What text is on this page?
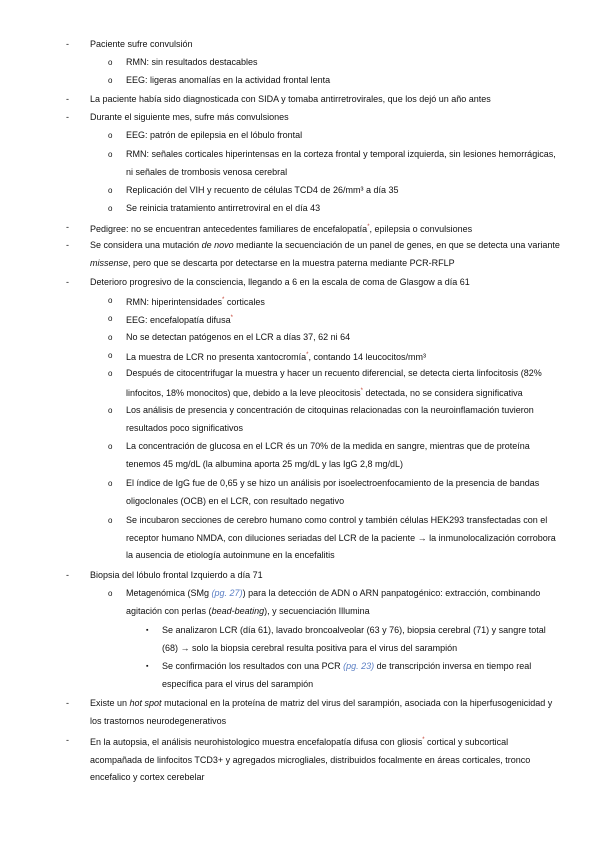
- Paciente sufre convulsión
o RMN: sin resultados destacables
o EEG: ligeras anomalías en la actividad frontal lenta
- La paciente había sido diagnosticada con SIDA y tomaba antirretrovirales, que los dejó un año antes
- Durante el siguiente mes, sufre más convulsiones
o EEG: patrón de epilepsia en el lóbulo frontal
o RMN: señales corticales hiperintensas en la corteza frontal y temporal izquierda, sin lesiones hemorrágicas, ni señales de trombosis venosa cerebral
o Replicación del VIH y recuento de células TCD4 de 26/mm³ a día 35
o Se reinicia tratamiento antirretroviral en el día 43
- Pedigree: no se encuentran antecedentes familiares de encefalopatía*, epilepsia o convulsiones
- Se considera una mutación de novo mediante la secuenciación de un panel de genes, en que se detecta una variante missense, pero que se descarta por detectarse en la muestra paterna mediante PCR-RFLP
- Deterioro progresivo de la consciencia, llegando a 6 en la escala de coma de Glasgow a día 61
o RMN: hiperintensidades* corticales
o EEG: encefalopatía difusa*
o No se detectan patógenos en el LCR a días 37, 62 ni 64
o La muestra de LCR no presenta xantocromía*, contando 14 leucocitos/mm³
o Después de citocentrifugar la muestra y hacer un recuento diferencial, se detecta cierta linfocitosis (82% linfocitos, 18% monocitos) que, debido a la leve pleocitosis* detectada, no se considera significativa
o Los análisis de presencia y concentración de citoquinas relacionadas con la neuroinflamación tuvieron resultados poco significativos
o La concentración de glucosa en el LCR és un 70% de la medida en sangre, mientras que de proteína tenemos 45 mg/dL (la albumina aporta 25 mg/dL y las IgG 2,8 mg/dL)
o El índice de IgG fue de 0,65 y se hizo un análisis por isoelectroenfocamiento de la presencia de bandas oligoclonales (OCB) en el LCR, con resultado negativo
o Se incubaron secciones de cerebro humano como control y también células HEK293 transfectadas con el receptor humano NMDA, con diluciones seriadas del LCR de la paciente → la inmunolocalización corrobora la ausencia de etiología autoinmune en la encefalitis
- Biopsia del lóbulo frontal Izquierdo a día 71
o Metagenómica (SMg (pg. 27)) para la detección de ADN o ARN panpatogénico: extracción, combinando agitación con perlas (bead-beating), y secuenciación Illumina
▪ Se analizaron LCR (día 61), lavado broncoalveolar (63 y 76), biopsia cerebral (71) y sangre total (68) → solo la biopsia cerebral resulta positiva para el virus del sarampión
▪ Se confirmación los resultados con una PCR (pg. 23) de transcripción inversa en tiempo real específica para el virus del sarampión
- Existe un hot spot mutacional en la proteína de matriz del virus del sarampión, asociada con la hiperfusogenicidad y los trastornos neurodegenerativos
- En la autopsia, el análisis neurohistologico muestra encefalopatía difusa con gliosis* cortical y subcortical acompañada de linfocitos TCD3+ y agregados microgliales, distribuidos focalmente en áreas corticales, tronco encefalico y cortex cerebelar
